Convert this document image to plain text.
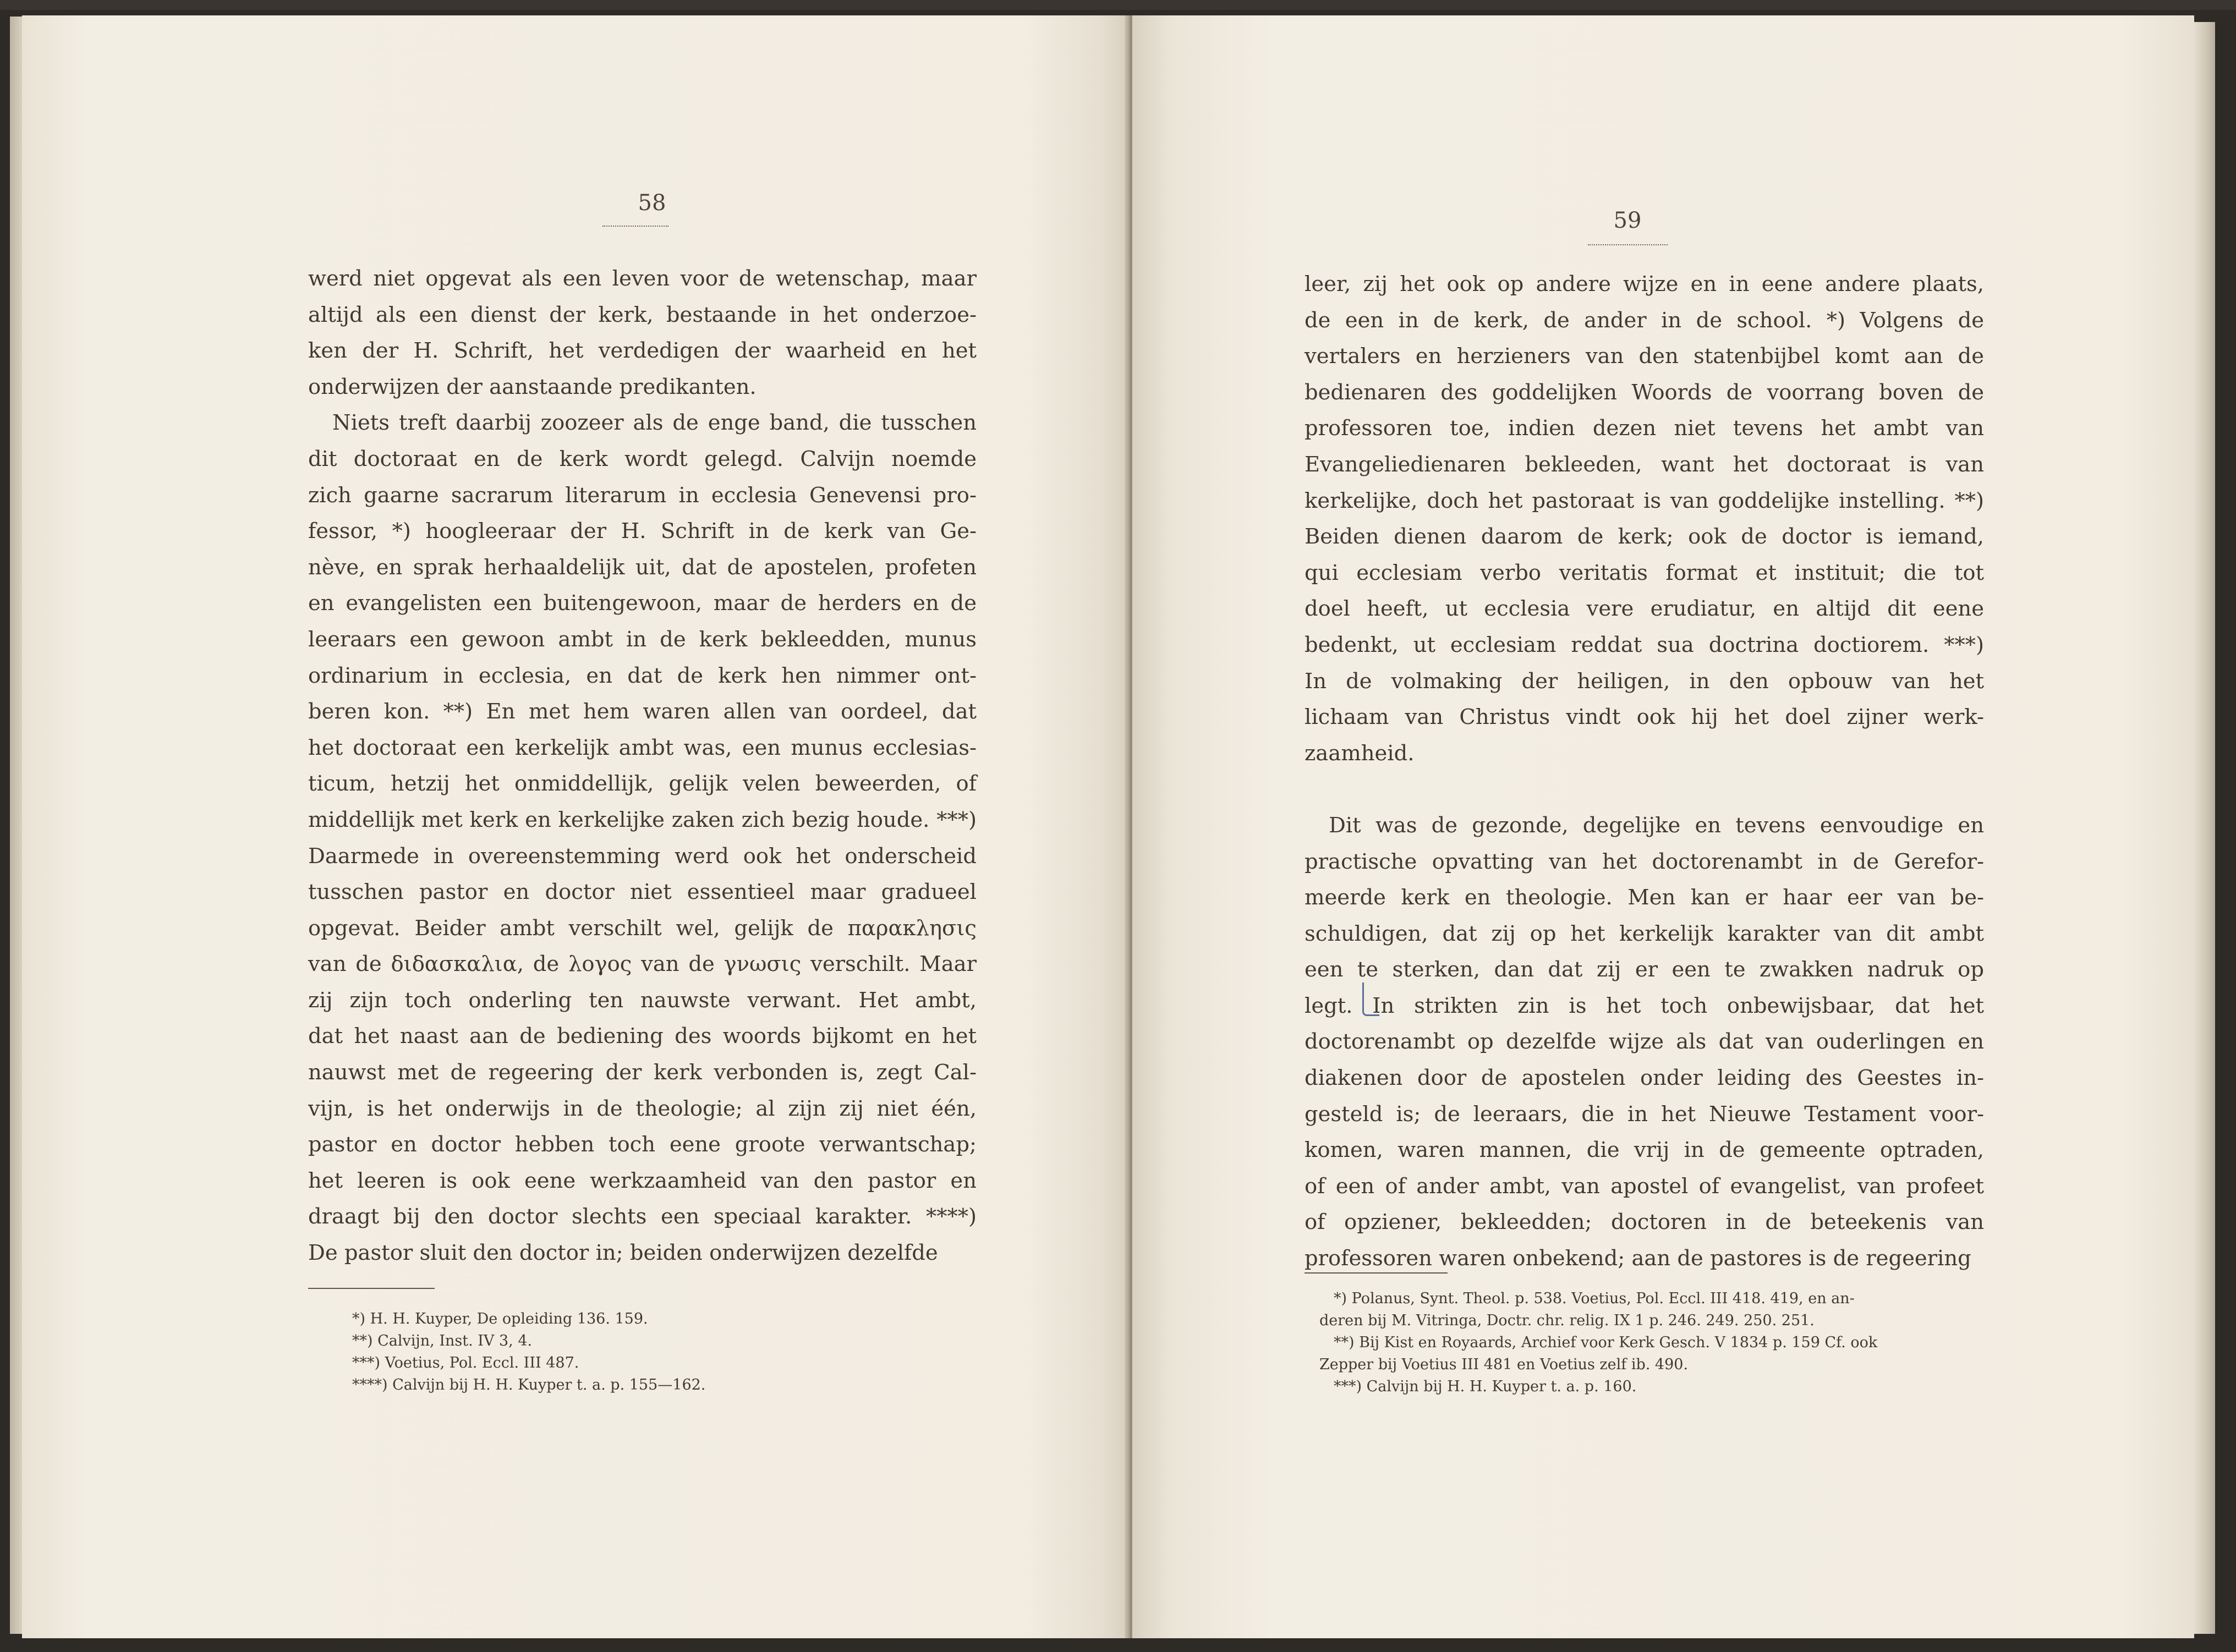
58
werd niet opgevat als een leven voor de wetenschap, maar
altijd als een dienst der kerk, bestaande in het onderzoe-
ken der H. Schrift, het verdedigen der waarheid en het
onderwijzen der aanstaande predikanten.
Niets treft daarbij zoozeer als de enge band, die tusschen
dit doctoraat en de kerk wordt gelegd. Calvijn noemde
zich gaarne sacrarum literarum in ecclesia Genevensi pro-
fessor, *) hoogleeraar der H. Schrift in de kerk van Ge-
nève, en sprak herhaaldelijk uit, dat de apostelen, profeten
en evangelisten een buitengewoon, maar de herders en de
leeraars een gewoon ambt in de kerk bekleedden, munus
ordinarium in ecclesia, en dat de kerk hen nimmer ont-
beren kon. **) En met hem waren allen van oordeel, dat
het doctoraat een kerkelijk ambt was, een munus ecclesias-
ticum, hetzij het onmiddellijk, gelijk velen beweerden, of
middellijk met kerk en kerkelijke zaken zich bezig houde. ***)
Daarmede in overeenstemming werd ook het onderscheid
tusschen pastor en doctor niet essentieel maar gradueel
opgevat. Beider ambt verschilt wel, gelijk de παρακλησις
van de διδασκαλια, de λογος van de γνωσις verschilt. Maar
zij zijn toch onderling ten nauwste verwant. Het ambt,
dat het naast aan de bediening des woords bijkomt en het
nauwst met de regeering der kerk verbonden is, zegt Cal-
vijn, is het onderwijs in de theologie; al zijn zij niet één,
pastor en doctor hebben toch eene groote verwantschap;
het leeren is ook eene werkzaamheid van den pastor en
draagt bij den doctor slechts een speciaal karakter. ****)
De pastor sluit den doctor in; beiden onderwijzen dezelfde
*) H. H. Kuyper, De opleiding 136. 159.
**) Calvijn, Inst. IV 3, 4.
***) Voetius, Pol. Eccl. III 487.
****) Calvijn bij H. H. Kuyper t. a. p. 155—162.
59
leer, zij het ook op andere wijze en in eene andere plaats,
de een in de kerk, de ander in de school. *) Volgens de
vertalers en herzieners van den statenbijbel komt aan de
bedienaren des goddelijken Woords de voorrang boven de
professoren toe, indien dezen niet tevens het ambt van
Evangeliedienaren bekleeden, want het doctoraat is van
kerkelijke, doch het pastoraat is van goddelijke instelling. **)
Beiden dienen daarom de kerk; ook de doctor is iemand,
qui ecclesiam verbo veritatis format et instituit; die tot
doel heeft, ut ecclesia vere erudiatur, en altijd dit eene
bedenkt, ut ecclesiam reddat sua doctrina doctiorem. ***)
In de volmaking der heiligen, in den opbouw van het
lichaam van Christus vindt ook hij het doel zijner werk-
zaamheid.
Dit was de gezonde, degelijke en tevens eenvoudige en
practische opvatting van het doctorenambt in de Gerefor-
meerde kerk en theologie. Men kan er haar eer van be-
schuldigen, dat zij op het kerkelijk karakter van dit ambt
een te sterken, dan dat zij er een te zwakken nadruk op
legt. In strikten zin is het toch onbewijsbaar, dat het
doctorenambt op dezelfde wijze als dat van ouderlingen en
diakenen door de apostelen onder leiding des Geestes in-
gesteld is; de leeraars, die in het Nieuwe Testament voor-
komen, waren mannen, die vrij in de gemeente optraden,
of een of ander ambt, van apostel of evangelist, van profeet
of opziener, bekleedden; doctoren in de beteekenis van
professoren waren onbekend; aan de pastores is de regeering
*) Polanus, Synt. Theol. p. 538. Voetius, Pol. Eccl. III 418. 419, en an-
deren bij M. Vitringa, Doctr. chr. relig. IX 1 p. 246. 249. 250. 251.
**) Bij Kist en Royaards, Archief voor Kerk Gesch. V 1834 p. 159 Cf. ook
Zepper bij Voetius III 481 en Voetius zelf ib. 490.
***) Calvijn bij H. H. Kuyper t. a. p. 160.
